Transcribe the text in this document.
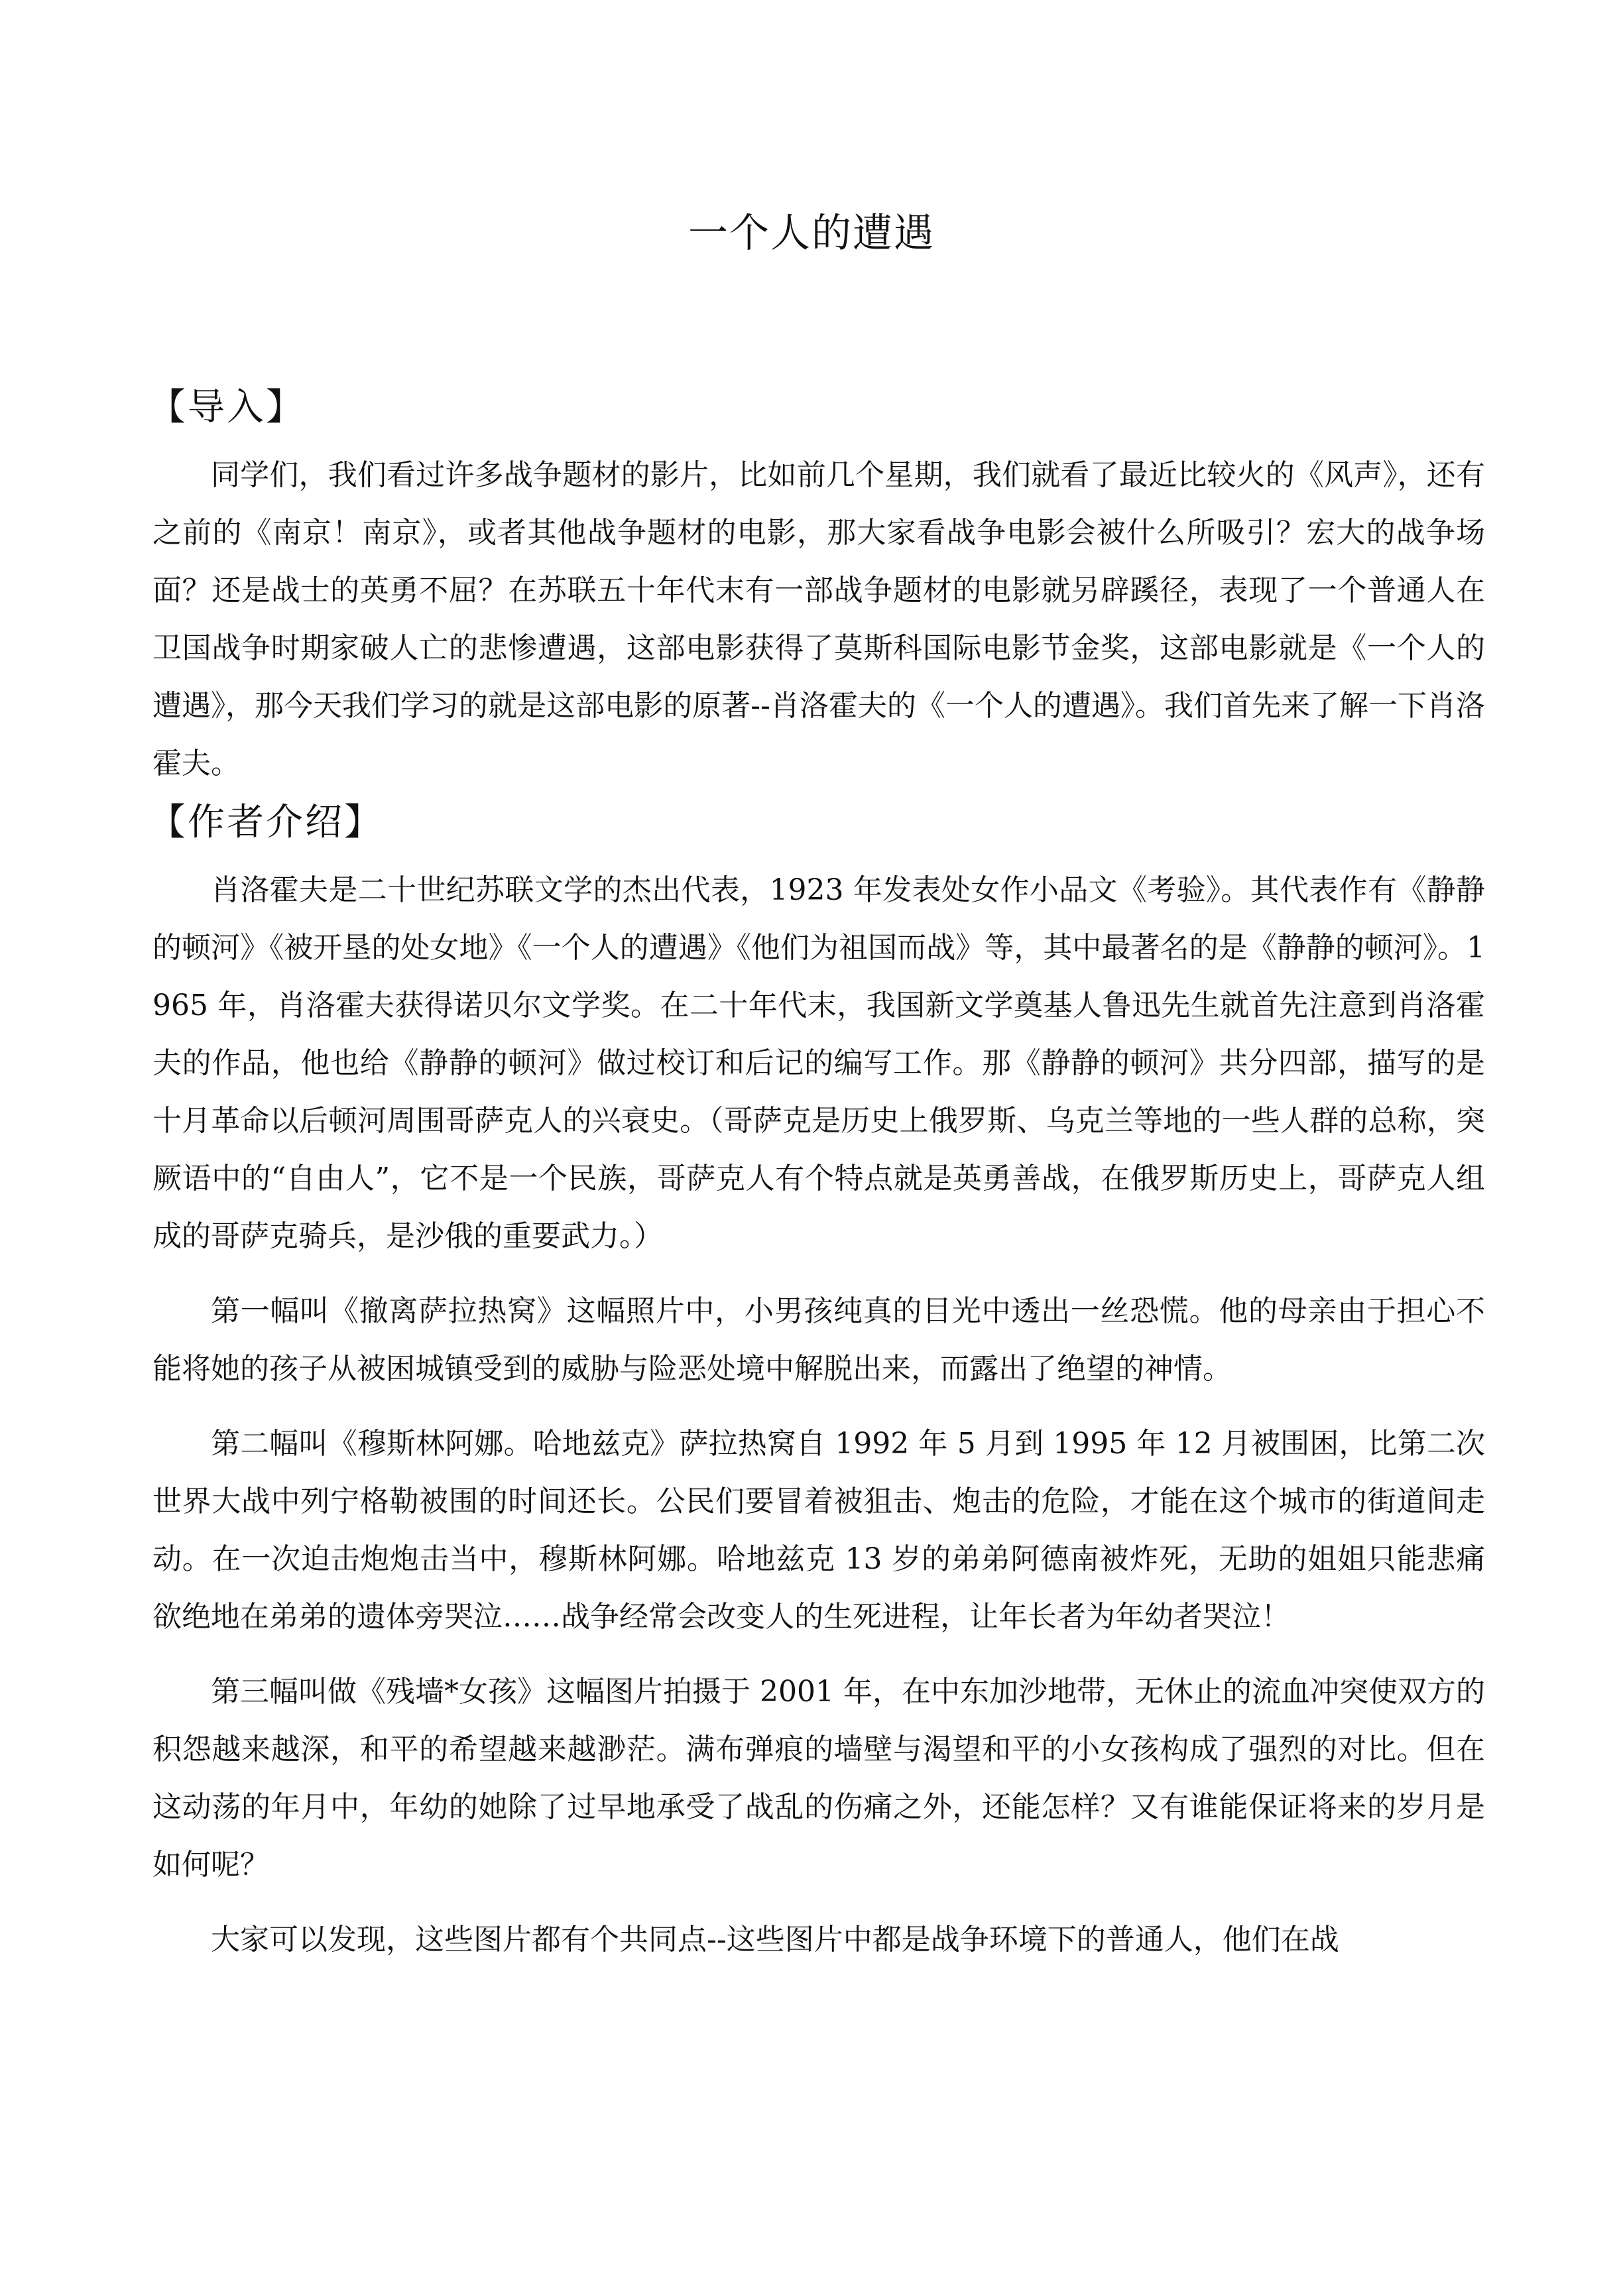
一个人的遭遇
【导入】

同学们，我们看过许多战争题材的影片，比如前几个星期，我们就看了最近比较火的《风声》，还有之前的《南京！南京》，或者其他战争题材的电影，那大家看战争电影会被什么所吸引？宏大的战争场面？还是战士的英勇不屈？在苏联五十年代末有一部战争题材的电影就另辟蹊径，表现了一个普通人在卫国战争时期家破人亡的悲惨遭遇，这部电影获得了莫斯科国际电影节金奖，这部电影就是《一个人的遭遇》，那今天我们学习的就是这部电影的原著--肖洛霍夫的《一个人的遭遇》。我们首先来了解一下肖洛霍夫。

【作者介绍】

肖洛霍夫是二十世纪苏联文学的杰出代表，1923 年发表处女作小品文《考验》。其代表作有《静静的顿河》《被开垦的处女地》《一个人的遭遇》《他们为祖国而战》等，其中最著名的是《静静的顿河》。1965 年，肖洛霍夫获得诺贝尔文学奖。在二十年代末，我国新文学奠基人鲁迅先生就首先注意到肖洛霍夫的作品，他也给《静静的顿河》做过校订和后记的编写工作。那《静静的顿河》共分四部，描写的是十月革命以后顿河周围哥萨克人的兴衰史。（哥萨克是历史上俄罗斯、乌克兰等地的一些人群的总称，突厥语中的“自由人”，它不是一个民族，哥萨克人有个特点就是英勇善战，在俄罗斯历史上，哥萨克人组成的哥萨克骑兵，是沙俄的重要武力。）

第一幅叫《撤离萨拉热窝》这幅照片中，小男孩纯真的目光中透出一丝恐慌。他的母亲由于担心不能将她的孩子从被困城镇受到的威胁与险恶处境中解脱出来，而露出了绝望的神情。

第二幅叫《穆斯林阿娜。哈地兹克》萨拉热窝自 1992 年 5 月到 1995 年 12 月被围困，比第二次世界大战中列宁格勒被围的时间还长。公民们要冒着被狙击、炮击的危险，才能在这个城市的街道间走动。在一次迫击炮炮击当中，穆斯林阿娜。哈地兹克 13 岁的弟弟阿德南被炸死，无助的姐姐只能悲痛欲绝地在弟弟的遗体旁哭泣……战争经常会改变人的生死进程，让年长者为年幼者哭泣！

第三幅叫做《残墙*女孩》这幅图片拍摄于 2001 年，在中东加沙地带，无休止的流血冲突使双方的积怨越来越深，和平的希望越来越渺茫。满布弹痕的墙壁与渴望和平的小女孩构成了强烈的对比。但在这动荡的年月中，年幼的她除了过早地承受了战乱的伤痛之外，还能怎样？又有谁能保证将来的岁月是如何呢？

大家可以发现，这些图片都有个共同点--这些图片中都是战争环境下的普通人，他们在战
